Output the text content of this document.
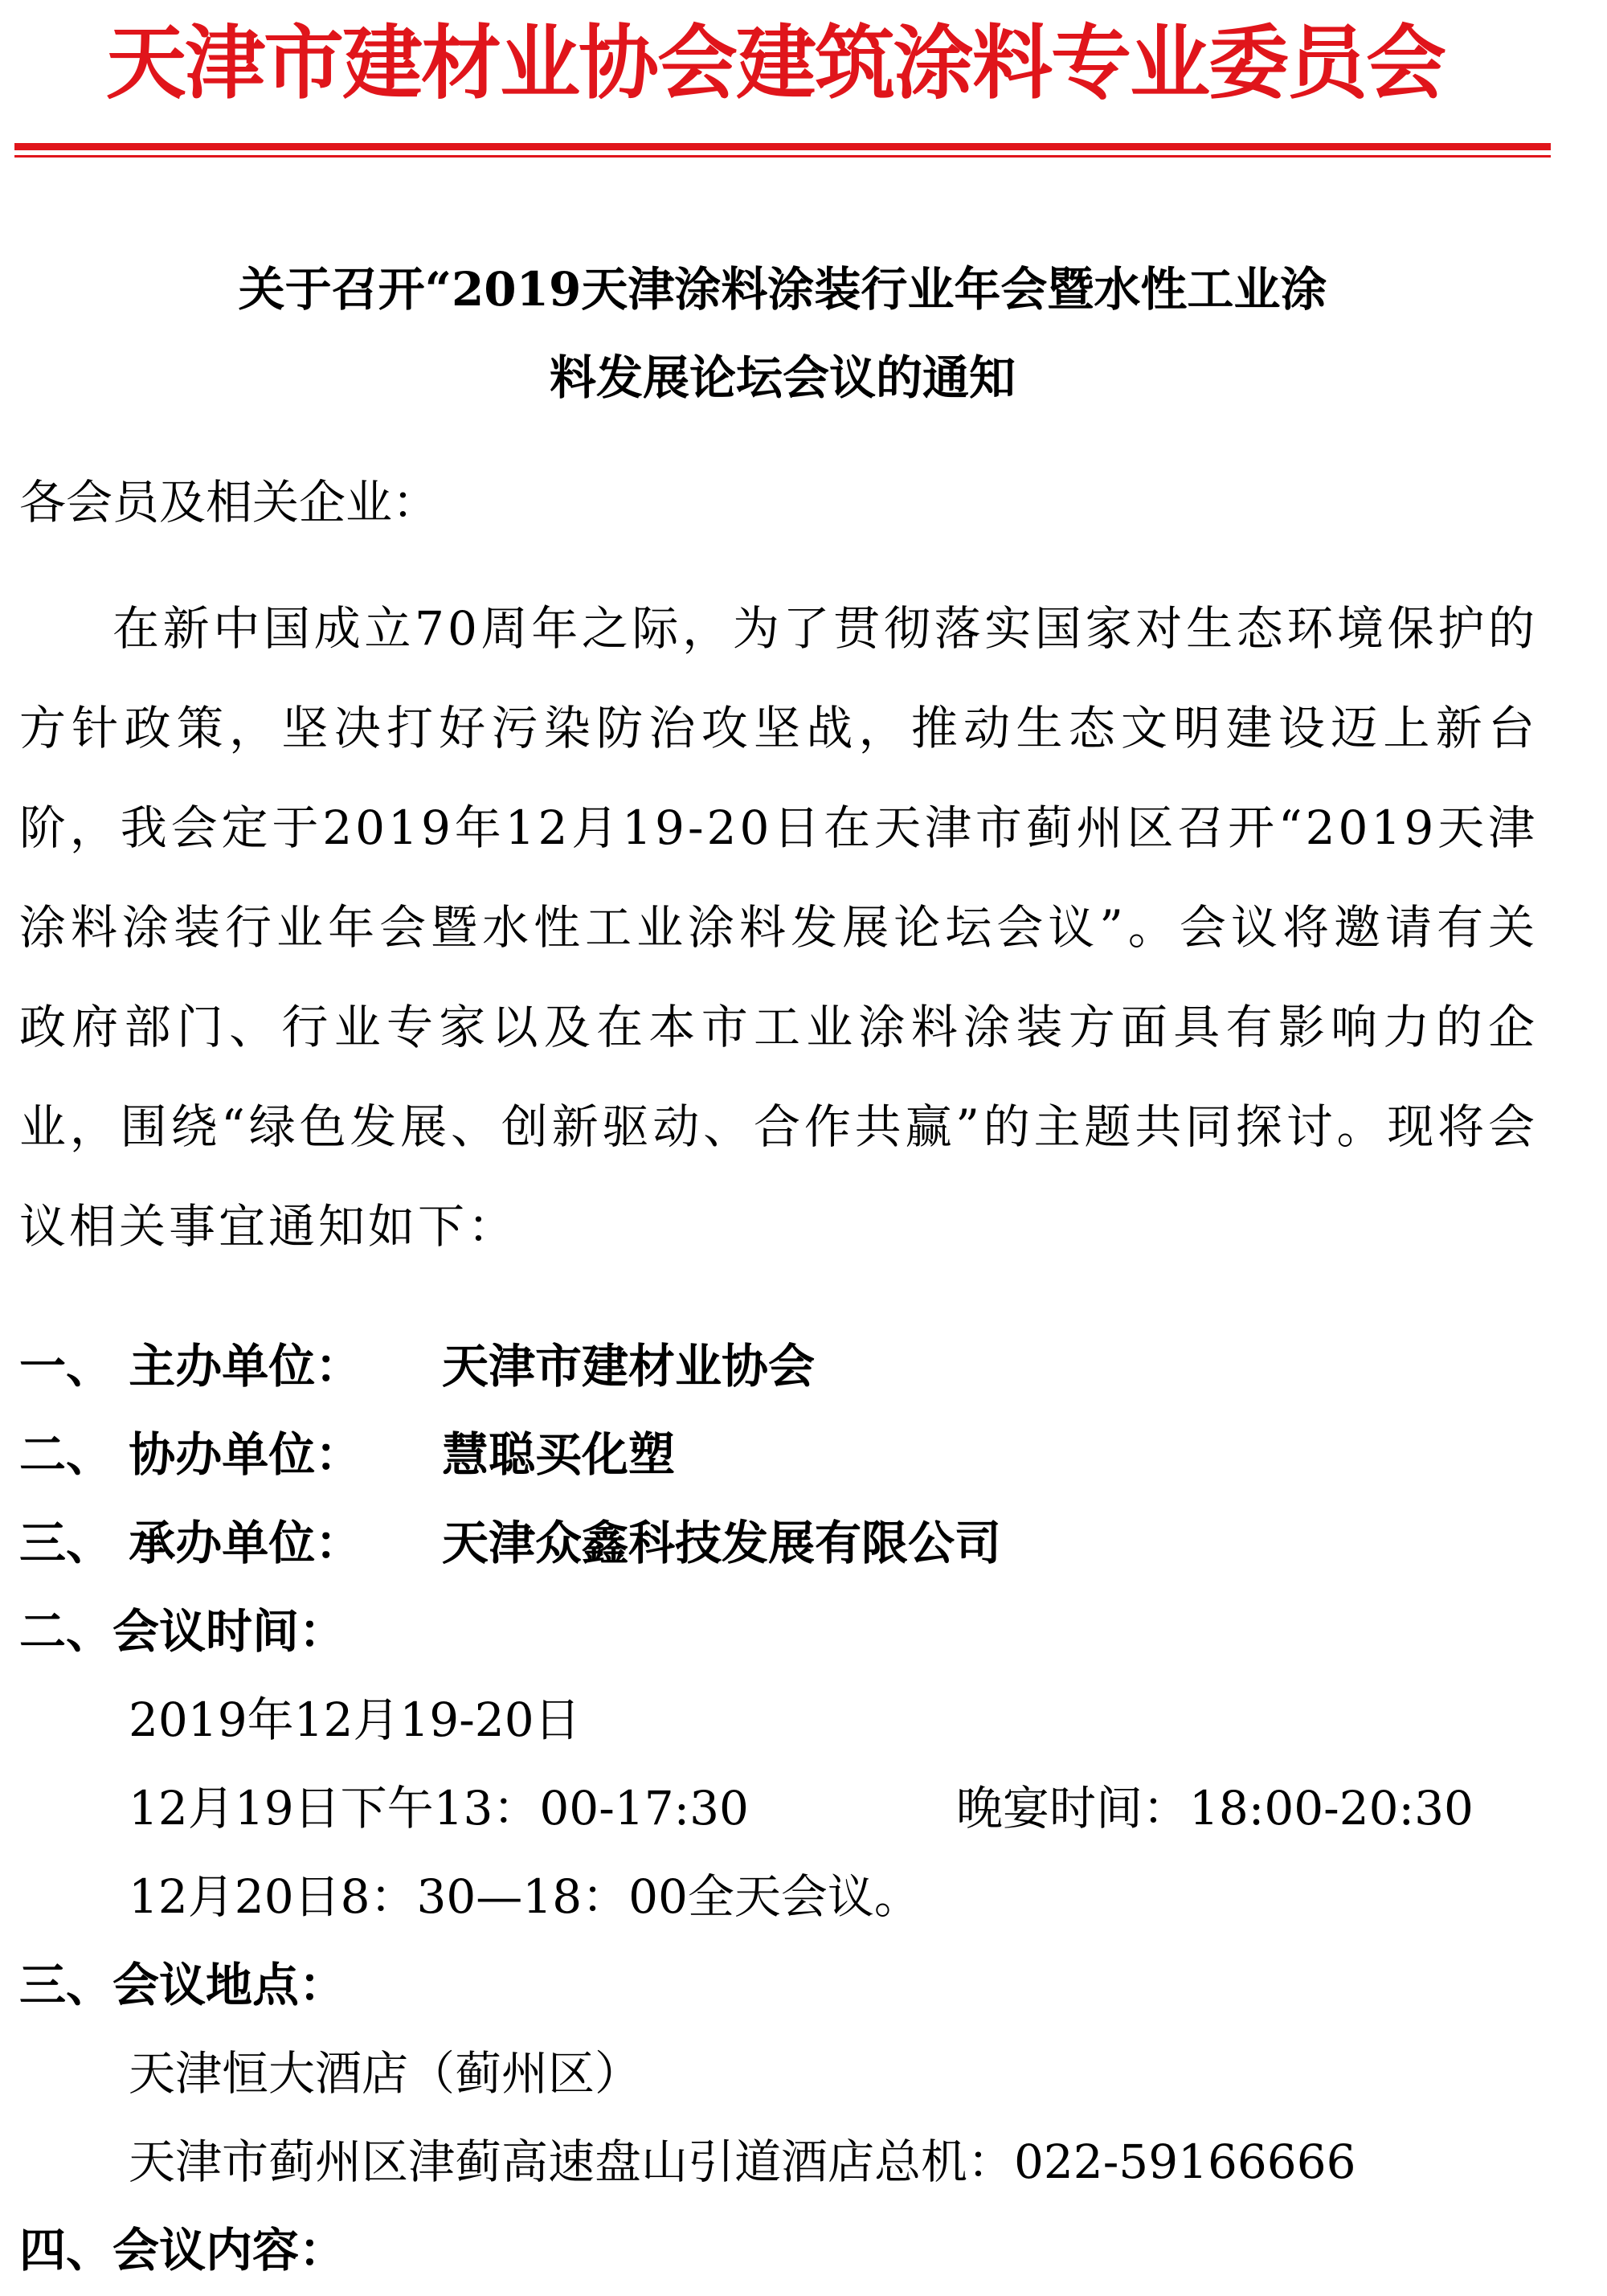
天津市建材业协会建筑涂料专业委员会
关于召开“2019天津涂料涂装行业年会暨水性工业涂
料发展论坛会议的通知
各会员及相关企业：
在新中国成立70周年之际，为了贯彻落实国家对生态环境保护的方针政策，坚决打好污染防治攻坚战，推动生态文明建设迈上新台阶，我会定于2019年12月19-20日在天津市蓟州区召开“2019天津涂料涂装行业年会暨水性工业涂料发展论坛会议”。会议将邀请有关政府部门、行业专家以及在本市工业涂料涂装方面具有影响力的企业，围绕“绿色发展、创新驱动、合作共赢”的主题共同探讨。现将会议相关事宜通知如下：
一、 主办单位： 天津市建材业协会
二、 协办单位： 慧聪买化塑
三、 承办单位： 天津众鑫科技发展有限公司
二、会议时间：
2019年12月19-20日
12月19日下午13：00-17:30	晚宴时间：18:00-20:30
12月20日8：30—18：00全天会议。
三、会议地点：
天津恒大酒店（蓟州区）
天津市蓟州区津蓟高速盘山引道酒店总机：022-59166666
四、会议内容：
